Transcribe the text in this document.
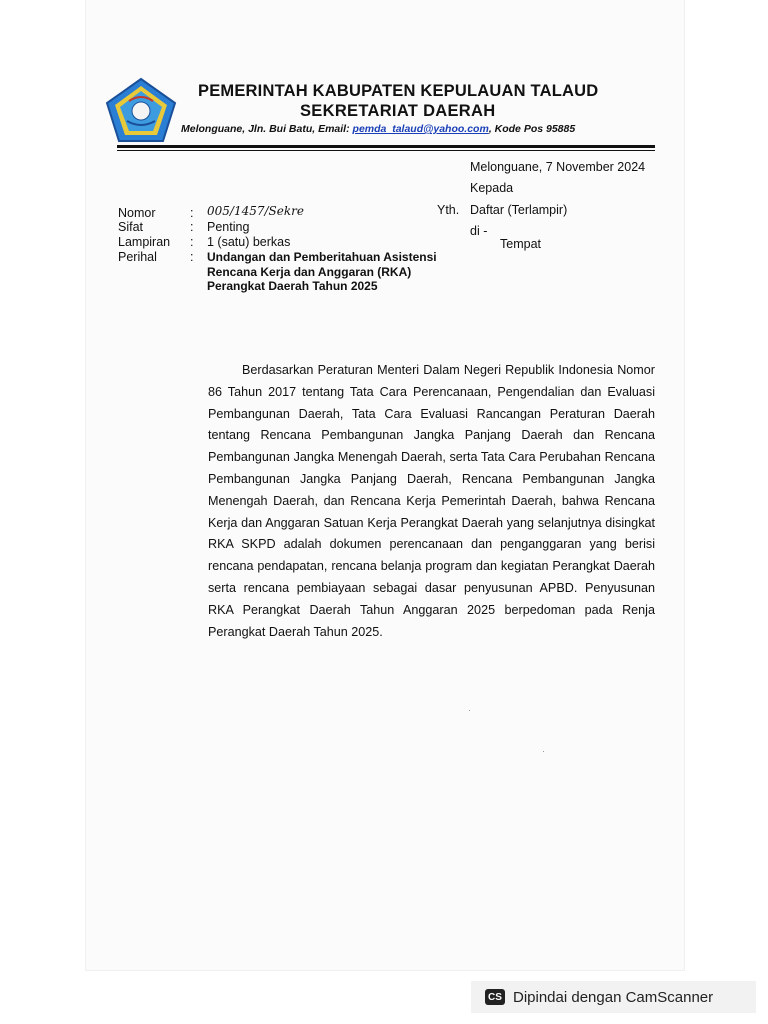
PEMERINTAH KABUPATEN KEPULAUAN TALAUD
SEKRETARIAT DAERAH
Melonguane, Jln. Bui Batu, Email: pemda_talaud@yahoo.com, Kode Pos 95885
Melonguane, 7 November 2024
Kepada
Yth. Daftar (Terlampir)
di -
Tempat
Nomor	: 005/1457/Sekre
Sifat	: Penting
Lampiran : 1 (satu) berkas
Perihal	: Undangan dan Pemberitahuan Asistensi Rencana Kerja dan Anggaran (RKA) Perangkat Daerah Tahun 2025

Berdasarkan Peraturan Menteri Dalam Negeri Republik Indonesia Nomor 86 Tahun 2017 tentang Tata Cara Perencanaan, Pengendalian dan Evaluasi Pembangunan Daerah, Tata Cara Evaluasi Rancangan Peraturan Daerah tentang Rencana Pembangunan Jangka Panjang Daerah dan Rencana Pembangunan Jangka Menengah Daerah, serta Tata Cara Perubahan Rencana Pembangunan Jangka Panjang Daerah, Rencana Pembangunan Jangka Menengah Daerah, dan Rencana Kerja Pemerintah Daerah, bahwa Rencana Kerja dan Anggaran Satuan Kerja Perangkat Daerah yang selanjutnya disingkat RKA SKPD adalah dokumen perencanaan dan penganggaran yang berisi rencana pendapatan, rencana belanja program dan kegiatan Perangkat Daerah serta rencana pembiayaan sebagai dasar penyusunan APBD. Penyusunan RKA Perangkat Daerah Tahun Anggaran 2025 berpedoman pada Renja Perangkat Daerah Tahun 2025.

CS Dipindai dengan CamScanner
